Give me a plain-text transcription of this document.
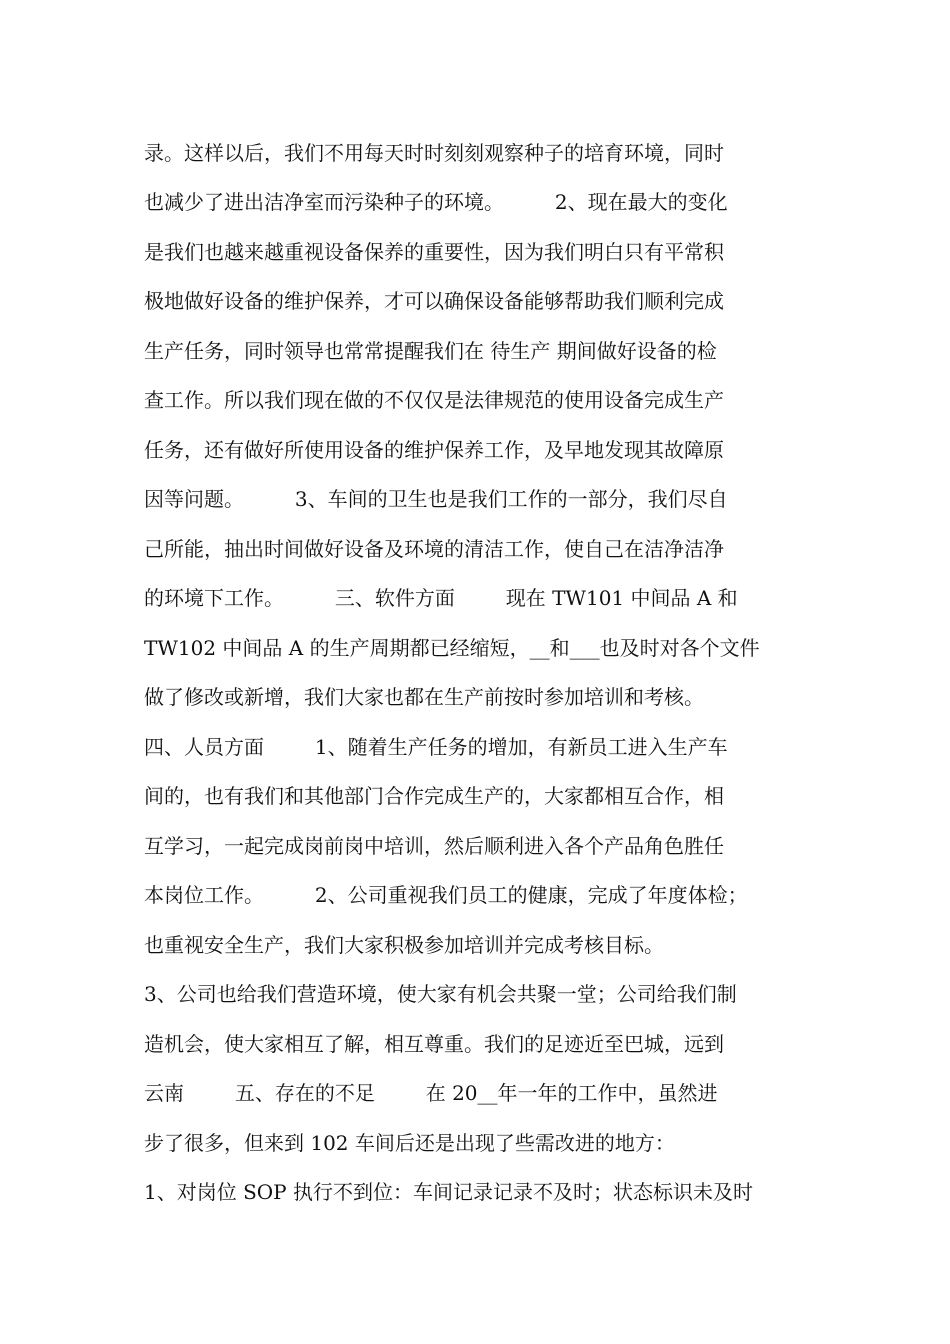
录。这样以后，我们不用每天时时刻刻观察种子的培育环境，同时
也减少了进出洁净室而污染种子的环境。        2、现在最大的变化
是我们也越来越重视设备保养的重要性，因为我们明白只有平常积
极地做好设备的维护保养，才可以确保设备能够帮助我们顺利完成
生产任务，同时领导也常常提醒我们在 待生产 期间做好设备的检
查工作。所以我们现在做的不仅仅是法律规范的使用设备完成生产
任务，还有做好所使用设备的维护保养工作，及早地发现其故障原
因等问题。        3、车间的卫生也是我们工作的一部分，我们尽自
己所能，抽出时间做好设备及环境的清洁工作，使自己在洁净洁净
的环境下工作。        三、软件方面        现在 TW101 中间品 A 和
TW102 中间品 A 的生产周期都已经缩短，__和___也及时对各个文件
做了修改或新增，我们大家也都在生产前按时参加培训和考核。
四、人员方面        1、随着生产任务的增加，有新员工进入生产车
间的，也有我们和其他部门合作完成生产的，大家都相互合作，相
互学习，一起完成岗前岗中培训，然后顺利进入各个产品角色胜任
本岗位工作。        2、公司重视我们员工的健康，完成了年度体检；
也重视安全生产，我们大家积极参加培训并完成考核目标。
3、公司也给我们营造环境，使大家有机会共聚一堂；公司给我们制
造机会，使大家相互了解，相互尊重。我们的足迹近至巴城，远到
云南        五、存在的不足        在 20__年一年的工作中，虽然进
步了很多，但来到 102 车间后还是出现了些需改进的地方：
1、对岗位 SOP 执行不到位：车间记录记录不及时；状态标识未及时
